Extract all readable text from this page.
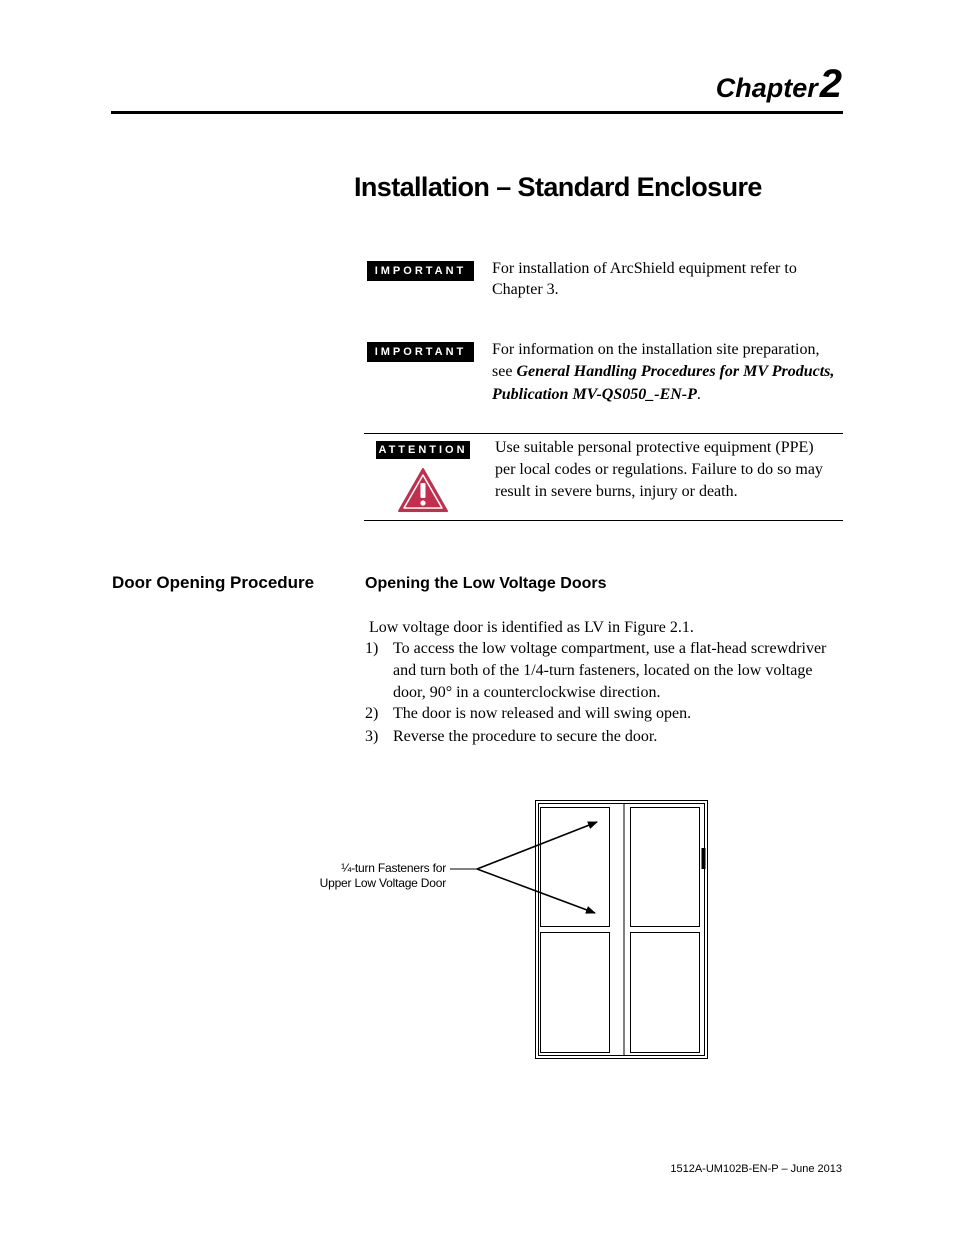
Chapter2
Installation – Standard Enclosure
IMPORTANT	For installation of ArcShield equipment refer to
Chapter 3.
IMPORTANT	For information on the installation site preparation,
see General Handling Procedures for MV Products,
Publication MV-QS050_-EN-P.
ATTENTION Use suitable personal protective equipment (PPE)
per local codes or regulations. Failure to do so may
result in severe burns, injury or death.
Door Opening Procedure	Opening the Low Voltage Doors
Low voltage door is identified as LV in Figure 2.1.
1) To access the low voltage compartment, use a flat-head screwdriver and turn both of the 1/4-turn fasteners, located on the low voltage door, 90° in a counterclockwise direction.
2) The door is now released and will swing open.
3) Reverse the procedure to secure the door.
¼-turn Fasteners for
Upper Low Voltage Door
1512A-UM102B-EN-P – June 2013
